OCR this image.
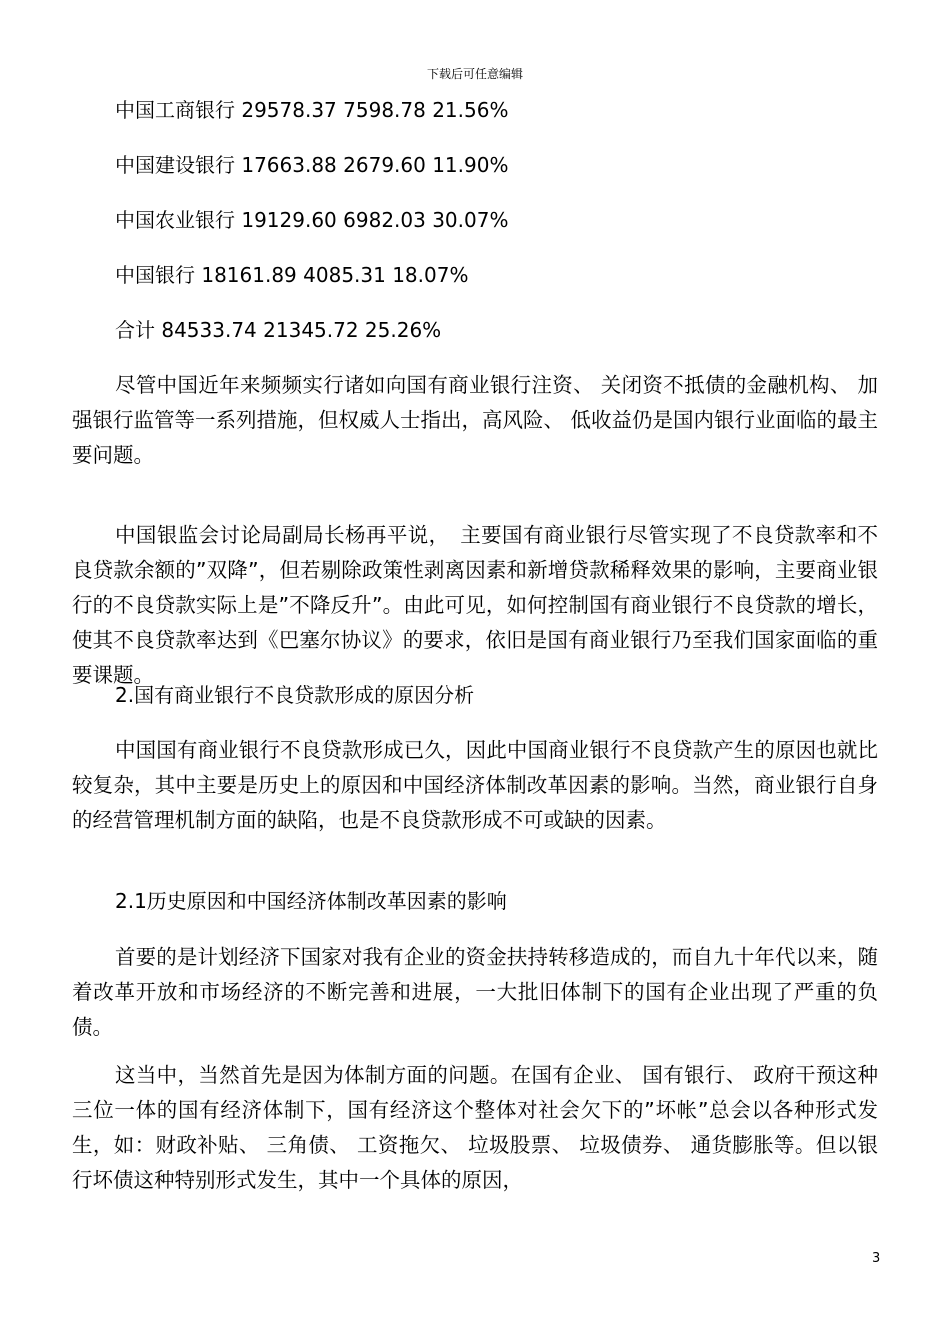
下载后可任意编辑
中国工商银行 29578.37 7598.78 21.56%
中国建设银行 17663.88 2679.60 11.90%
中国农业银行 19129.60 6982.03 30.07%
中国银行 18161.89 4085.31 18.07%
合计 84533.74 21345.72 25.26%

尽管中国近年来频频实行诸如向国有商业银行注资、 关闭资不抵债的金融机构、 加强银行监管等一系列措施，但权威人士指出，高风险、 低收益仍是国内银行业面临的最主要问题。

中国银监会讨论局副局长杨再平说，　主要国有商业银行尽管实现了不良贷款率和不良贷款余额的”双降”，但若剔除政策性剥离因素和新增贷款稀释效果的影响，主要商业银行的不良贷款实际上是”不降反升”。由此可见，如何控制国有商业银行不良贷款的增长，使其不良贷款率达到《巴塞尔协议》的要求，依旧是国有商业银行乃至我们国家面临的重要课题。

2.国有商业银行不良贷款形成的原因分析

中国国有商业银行不良贷款形成已久，因此中国商业银行不良贷款产生的原因也就比较复杂，其中主要是历史上的原因和中国经济体制改革因素的影响。当然，商业银行自身的经营管理机制方面的缺陷，也是不良贷款形成不可或缺的因素。

2.1历史原因和中国经济体制改革因素的影响

首要的是计划经济下国家对我有企业的资金扶持转移造成的，而自九十年代以来，随着改革开放和市场经济的不断完善和进展，一大批旧体制下的国有企业出现了严重的负债。

这当中，当然首先是因为体制方面的问题。在国有企业、 国有银行、 政府干预这种三位一体的国有经济体制下，国有经济这个整体对社会欠下的”坏帐”总会以各种形式发生，如：财政补贴、 三角债、 工资拖欠、 垃圾股票、 垃圾债券、 通货膨胀等。但以银行坏债这种特别形式发生，其中一个具体的原因，

3
